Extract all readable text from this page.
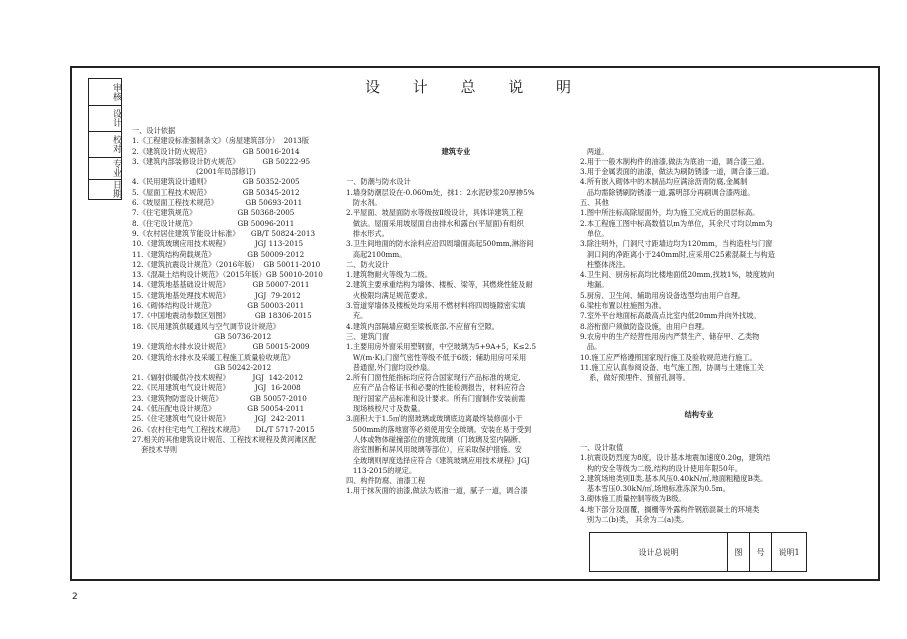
设 计 总 说 明
一、设计依据
1.《工程建设标准强制条文》（房屋建筑部分）  2013版
2.《建筑设计防火规范》              GB 50016-2014
3.《建筑内部装修设计防火规范》          GB 50222-95
(2001年局部修订)
4.《民用建筑设计通则》              GB 50352-2005
5.《屋面工程技术规范》              GB 50345-2012
6.《坡屋面工程技术规范》            GB 50693-2011
7.《住宅建筑规范》                  GB 50368-2005
8.《住宅设计规范》                  GB 50096-2011
9.《农村居住建筑节能设计标准》     GB/T 50824-2013
10.《建筑玻璃应用技术规程》           JGJ 113-2015
11.《建筑结构荷载规范》              GB 50009-2012
12.《建筑抗震设计规范》（2016年版）  GB 50011-2010
13.《混凝土结构设计规范》（2015年版）GB 50010-2010
14.《建筑地基基础设计规范》          GB 50007-2011
15.《建筑地基处理技术规范》           JGJ  79-2012
16.《砌体结构设计规范》              GB 50003-2011
17.《中国地震动参数区划图》           GB 18306-2015
18.《民用建筑供暖通风与空气调节设计规范》
GB 50736-2012
19.《建筑给水排水设计规范》          GB 50015-2009
20.《建筑给水排水及采暖工程施工质量验收规范》
GB 50242-2012
21.《辐射供暖供冷技术规程》          JGJ  142-2012
22.《民用建筑电气设计规范》           JGJ  16-2008
23.《建筑物防雷设计规范》            GB 50057-2010
24.《低压配电设计规范》              GB 50054-2011
25.《住宅建筑电气设计规范》           JGJ  242-2011
26.《农村住宅电气工程技术规范》     DL/T 5717-2015
27.相关的其他建筑设计规范、工程技术规程及黄河滩区配
套技术导则

建筑专业

一、防潮与防水设计
1.墙身防潮层设在-0.060m处，抹1：2水泥砂浆20厚掺5%
防水剂。
2.平屋面、坡屋面防水等级按Ⅱ级设计，具体详建筑工程
做法。屋面采用坡屋面自由排水和露台(平屋面)有组织
排水形式。
3.卫生间地面的防水涂料应沿四周墙面高起500mm,淋浴间
高起2100mm。
二、防火设计
1.建筑物耐火等级为二级。
2.建筑主要承重结构为墙体、楼板、梁等，其燃烧性能及耐
火极限均满足规范要求。
3.管道穿墙体及楼板处均采用不燃材料将四周缝隙密实填
充。
4.建筑内部隔墙应砌至梁板底部,不应留有空隙。
三、建筑门窗
1.主要用房外窗采用塑钢窗，中空玻璃为5+9A+5，K≤2.5
W/(m·K),门窗气密性等级不低于6级；辅助用房可采用
普通窗,外门窗均设纱扇。
2.所有门窗性能指标均应符合国家现行产品标准的规定,
应有产品合格证书和必要的性能检测报告，材料应符合
现行国家产品标准和设计要求。所有门窗制作安装前需
现场核校尺寸及数量。
3.面积大于1.5㎡的窗玻璃或玻璃底边离最终装修面小于
500mm的落地窗等必须使用安全玻璃。安装在易于受到
人体或物体碰撞部位的建筑玻璃（门玻璃及室内隔断、
浴室围断和屏风用玻璃等部位），应采取保护措施。安
全玻璃则厚度选择应符合《建筑玻璃应用技术规程》JGJ
113-2015的规定。
四、构件防腐、油漆工程
1.用于抹灰面的油漆,做法为底油一道，腻子一道，调合漆

两道。
2.用于一般木制构件的油漆,做法为底油一道，调合漆三道。
3.用于金属表面的油漆，做法为刷防锈漆一道，调合漆三道。
4.所有嵌入砌体中的木制品均应满涂沥青防腐,金属制
品均需除锈刷防锈漆一道,露明部分再刷调合漆两道。
五、其他
1.图中所注标高除屋面外，均为施工完成后的面层标高。
2.本工程施工图中标高数值以m为单位，其余尺寸均以mm为
单位。
3.除注明外，门洞尺寸距墙边均为120mm，当构造柱与门窗
洞口间的净距离小于240mm时,应采用C25素混凝土与构造
柱整体浇注。
4.卫生间、厨房标高均比楼地面低20mm,找坡1%，坡度坡向
地漏。
5.厨房、卫生间、辅助用房设备选型均由用户自理。
6.梁柱布置以柱施图为准。
7.室外平台地面标高最高点比室内低20mm并向外找坡。
8.浴桁窗户须做防盗设施，由用户自理。
9.农房中的生产经营性用房内严禁生产、储存甲、乙类物
品。
10.施工应严格遵照国家现行施工及验收规范进行施工。
11.施工应认真参阅设备、电气施工图，协调与土建施工关
系，做好预埋件、预留孔洞等。

结构专业

一、设计取值
1.抗震设防烈度为8度，设计基本地震加速度0.20g，建筑结
构的安全等级为二级,结构的设计使用年限50年。
2.建筑场地类别Ⅱ类,基本风压0.40kN/㎡,地面粗糙度B类。
基本雪压0.30kN/㎡,场地标准冻深为0.5m。
3.砌体施工质量控制等级为B级。
4.地下部分及面覆，搁栅等外露构件钢筋混凝土的环境类
别为二(b)类， 其余为二(a)类。

设计总说明	图	号	说明1
审核
设计
校对
专业
日期
2
